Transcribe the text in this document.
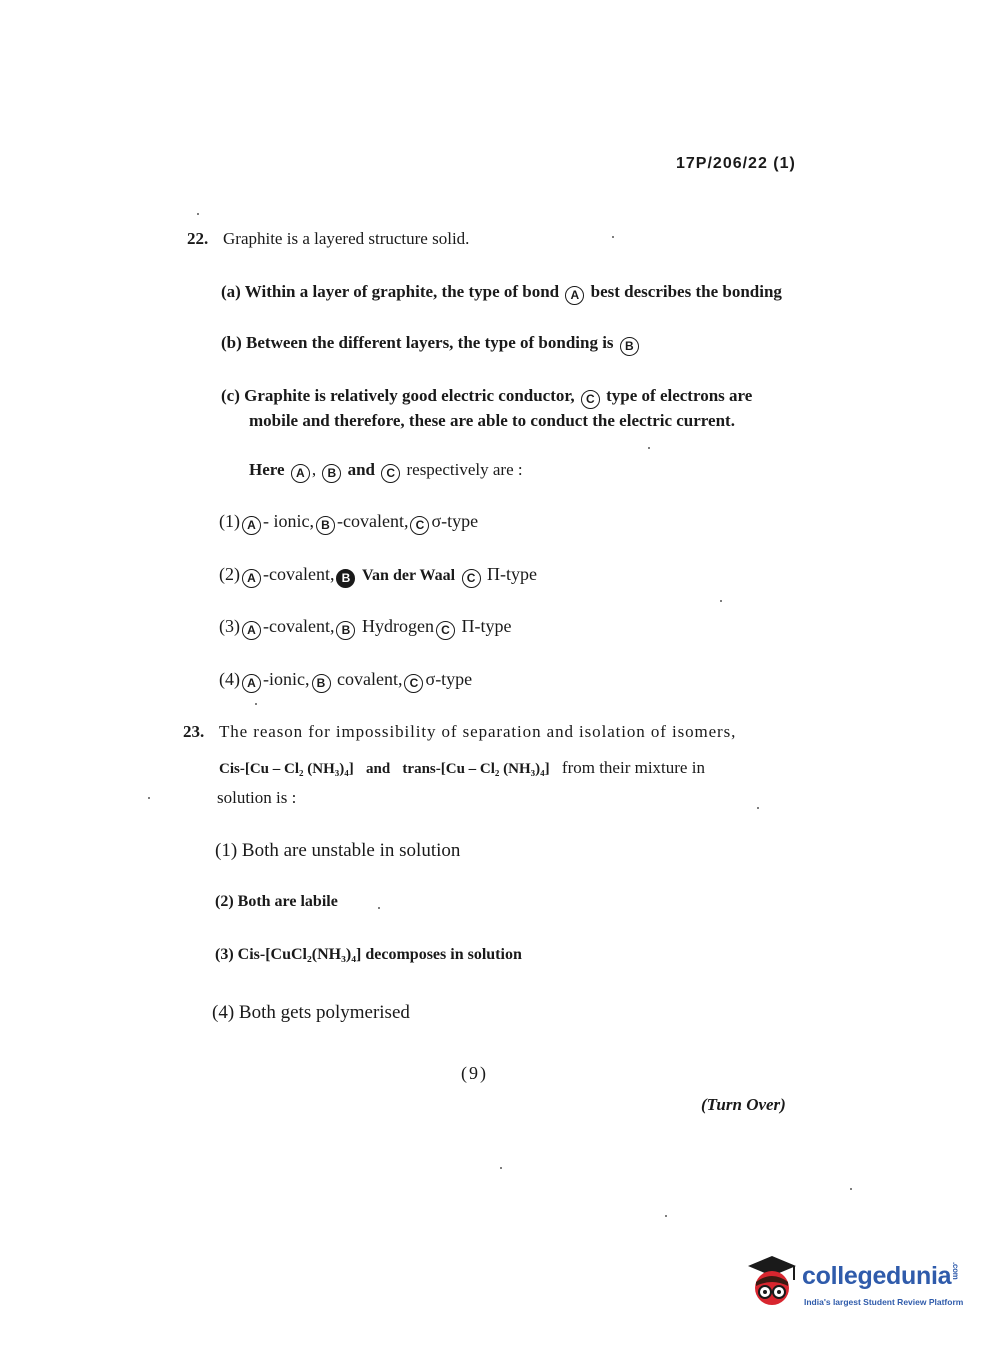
17P/206/22 (1)
22. Graphite is a layered structure solid.
(a) Within a layer of graphite, the type of bond A best describes the bonding
(b) Between the different layers, the type of bonding is B
(c) Graphite is relatively good electric conductor, C type of electrons are
mobile and therefore, these are able to conduct the electric current.
Here A , B and C respectively are :
(1) A - ionic, B -covalent, C σ-type
(2) A -covalent, B Van der Waal C Π-type
(3) A -covalent, B Hydrogen C Π-type
(4) A -ionic, B covalent, C σ-type
23. The reason for impossibility of separation and isolation of isomers,
Cis-[Cu – Cl₂ (NH₃)₄] and trans-[Cu – Cl₂ (NH₃)₄] from their mixture in
solution is :
(1) Both are unstable in solution
(2) Both are labile
(3) Cis-[CuCl₂(NH₃)₄] decomposes in solution
(4) Both gets polymerised
(9)
(Turn Over)
collegedunia.com
India's largest Student Review Platform
